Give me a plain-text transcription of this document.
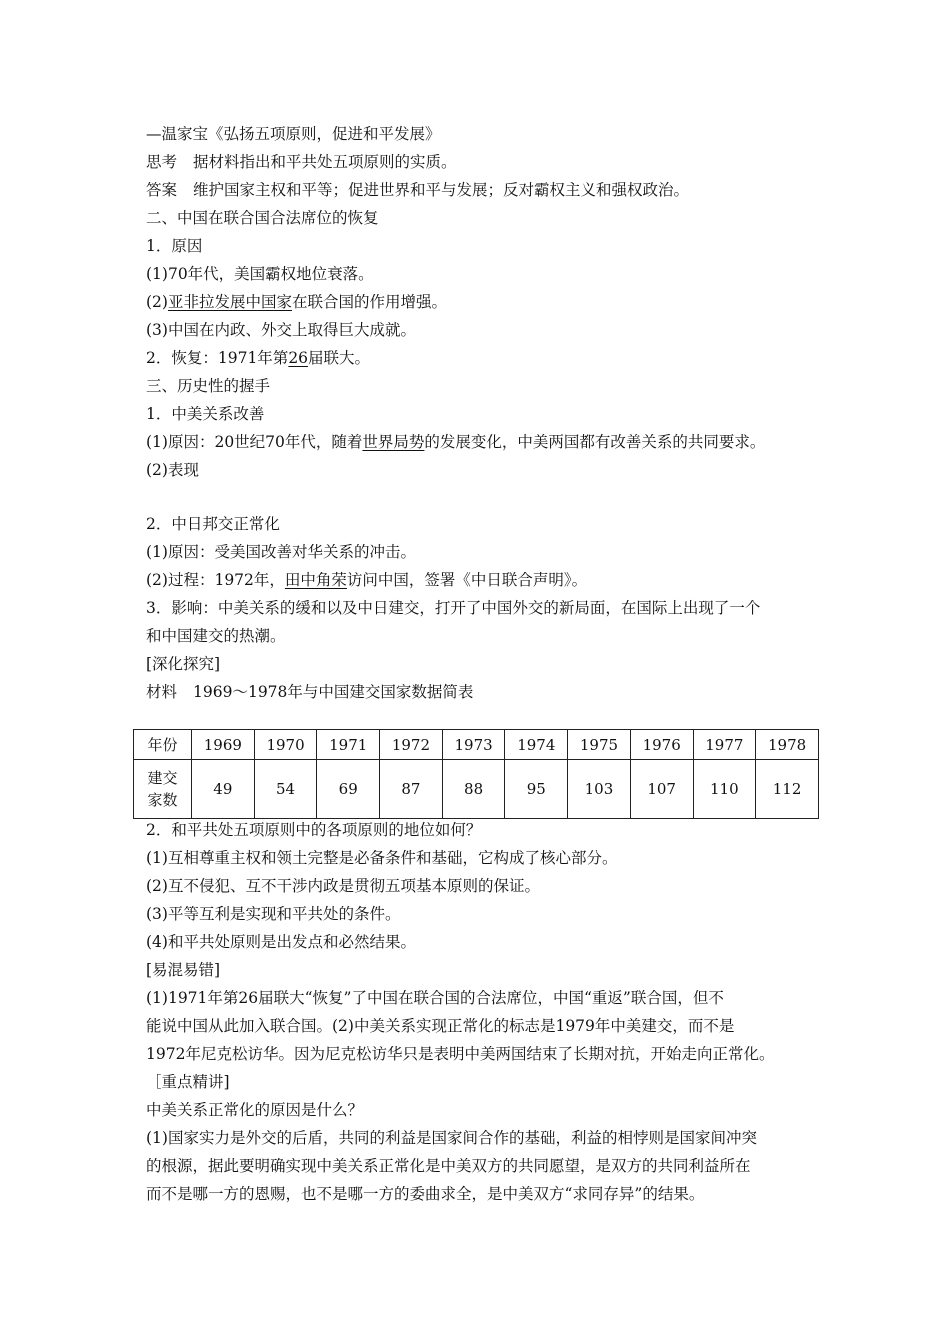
—温家宝《弘扬五项原则，促进和平发展》
思考 据材料指出和平共处五项原则的实质。
答案 维护国家主权和平等；促进世界和平与发展；反对霸权主义和强权政治。
二、中国在联合国合法席位的恢复
1．原因
(1)70年代，美国霸权地位衰落。
(2)亚非拉发展中国家在联合国的作用增强。
(3)中国在内政、外交上取得巨大成就。
2．恢复：1971年第26届联大。
三、历史性的握手
1．中美关系改善
(1)原因：20世纪70年代，随着世界局势的发展变化，中美两国都有改善关系的共同要求。
(2)表现
2．中日邦交正常化
(1)原因：受美国改善对华关系的冲击。
(2)过程：1972年，田中角荣访问中国，签署《中日联合声明》。
3．影响：中美关系的缓和以及中日建交，打开了中国外交的新局面，在国际上出现了一个
和中国建交的热潮。
[深化探究]
材料 1969～1978年与中国建交国家数据简表
年份	1969	1970	1971	1972	1973	1974	1975	1976	1977	1978

建交
家数	49	54	69	87	88	95	103	107	110	112
2．和平共处五项原则中的各项原则的地位如何？
(1)互相尊重主权和领土完整是必备条件和基础，它构成了核心部分。
(2)互不侵犯、互不干涉内政是贯彻五项基本原则的保证。
(3)平等互利是实现和平共处的条件。
(4)和平共处原则是出发点和必然结果。
[易混易错]
(1)1971年第26届联大“恢复”了中国在联合国的合法席位，中国“重返”联合国，但不
能说中国从此加入联合国。(2)中美关系实现正常化的标志是1979年中美建交，而不是
1972年尼克松访华。因为尼克松访华只是表明中美两国结束了长期对抗，开始走向正常化。
［重点精讲]
中美关系正常化的原因是什么？
(1)国家实力是外交的后盾，共同的利益是国家间合作的基础，利益的相悖则是国家间冲突
的根源，据此要明确实现中美关系正常化是中美双方的共同愿望，是双方的共同利益所在
而不是哪一方的恩赐，也不是哪一方的委曲求全，是中美双方“求同存异”的结果。
